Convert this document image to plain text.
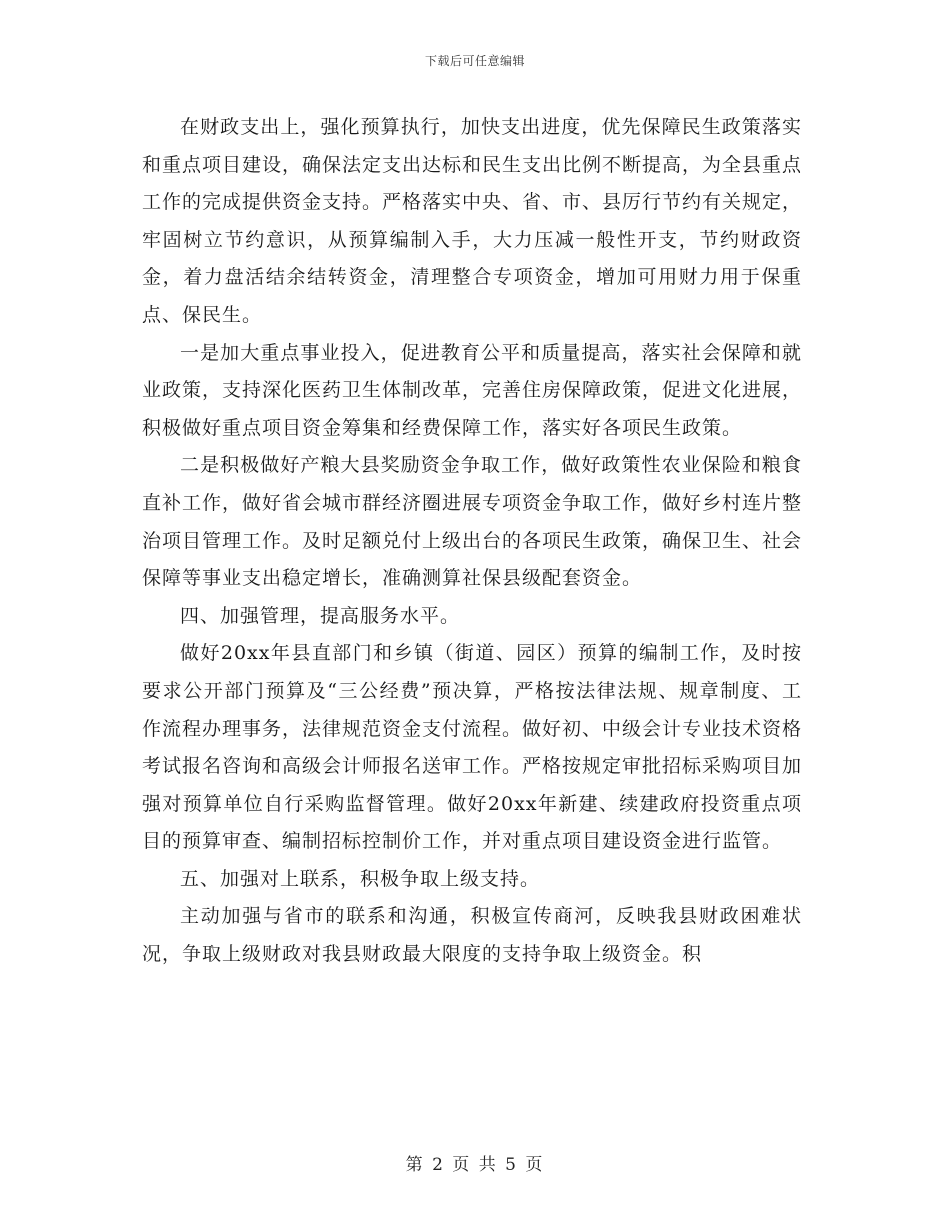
下载后可任意编辑

在财政支出上，强化预算执行，加快支出进度，优先保障民生政策落实和重点项目建设，确保法定支出达标和民生支出比例不断提高，为全县重点工作的完成提供资金支持。严格落实中央、省、市、县厉行节约有关规定，牢固树立节约意识，从预算编制入手，大力压减一般性开支，节约财政资金，着力盘活结余结转资金，清理整合专项资金，增加可用财力用于保重点、保民生。

一是加大重点事业投入，促进教育公平和质量提高，落实社会保障和就业政策，支持深化医药卫生体制改革，完善住房保障政策，促进文化进展，积极做好重点项目资金筹集和经费保障工作，落实好各项民生政策。

二是积极做好产粮大县奖励资金争取工作，做好政策性农业保险和粮食直补工作，做好省会城市群经济圈进展专项资金争取工作，做好乡村连片整治项目管理工作。及时足额兑付上级出台的各项民生政策，确保卫生、社会保障等事业支出稳定增长，准确测算社保县级配套资金。

四、加强管理，提高服务水平。

做好20xx年县直部门和乡镇（街道、园区）预算的编制工作，及时按要求公开部门预算及“三公经费”预决算，严格按法律法规、规章制度、工作流程办理事务，法律规范资金支付流程。做好初、中级会计专业技术资格考试报名咨询和高级会计师报名送审工作。严格按规定审批招标采购项目加强对预算单位自行采购监督管理。做好20xx年新建、续建政府投资重点项目的预算审查、编制招标控制价工作，并对重点项目建设资金进行监管。

五、加强对上联系，积极争取上级支持。

主动加强与省市的联系和沟通，积极宣传商河，反映我县财政困难状况，争取上级财政对我县财政最大限度的支持争取上级资金。积

第 2 页 共 5 页
